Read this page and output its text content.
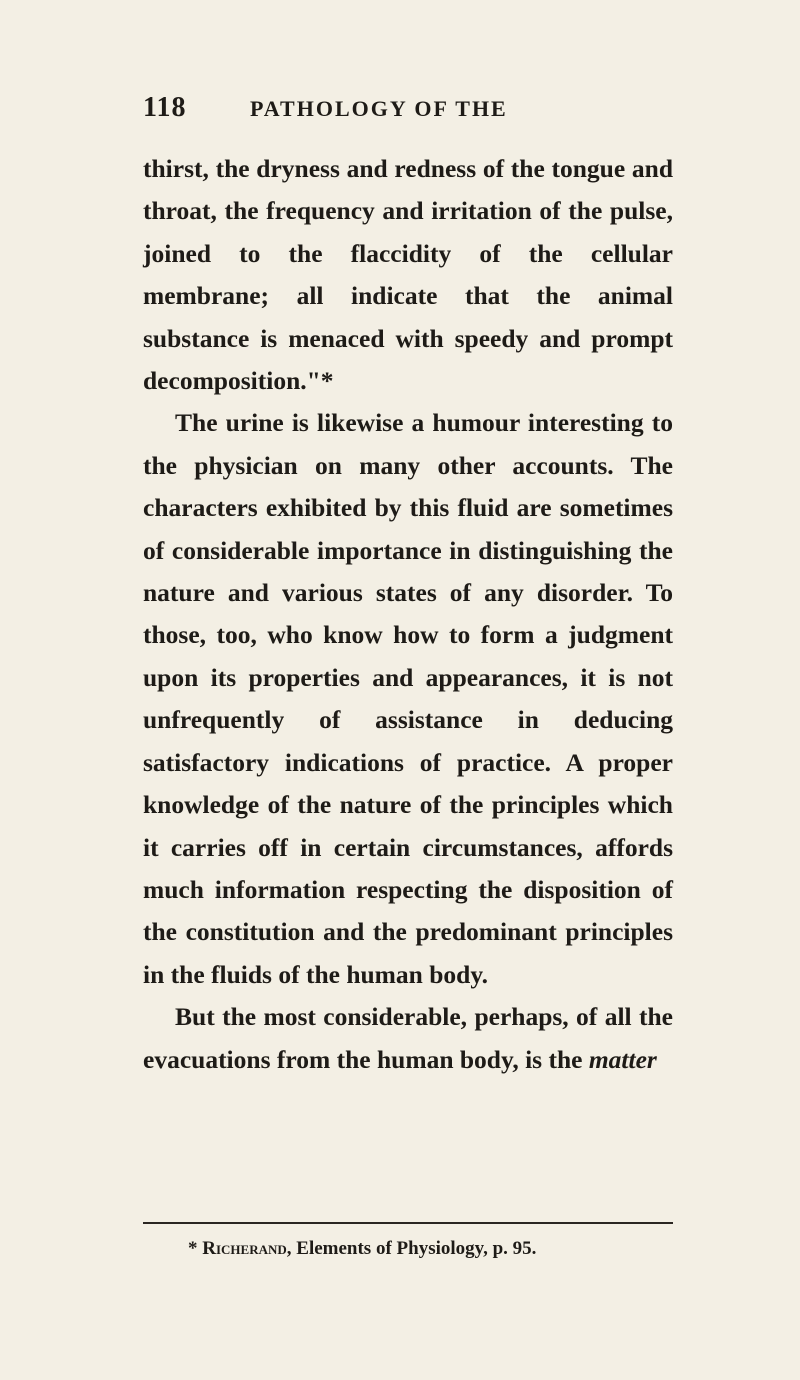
118	PATHOLOGY OF THE

thirst, the dryness and redness of the tongue and throat, the frequency and irritation of the pulse, joined to the flaccidity of the cellular membrane; all indicate that the animal substance is menaced with speedy and prompt decomposition."*

The urine is likewise a humour interesting to the physician on many other accounts. The characters exhibited by this fluid are sometimes of considerable importance in distinguishing the nature and various states of any disorder. To those, too, who know how to form a judgment upon its properties and appearances, it is not unfrequently of assistance in deducing satisfactory indications of practice. A proper knowledge of the nature of the principles which it carries off in certain circumstances, affords much information respecting the disposition of the constitution and the predominant principles in the fluids of the human body.

But the most considerable, perhaps, of all the evacuations from the human body, is the matter

* Richerand, Elements of Physiology, p. 95.
